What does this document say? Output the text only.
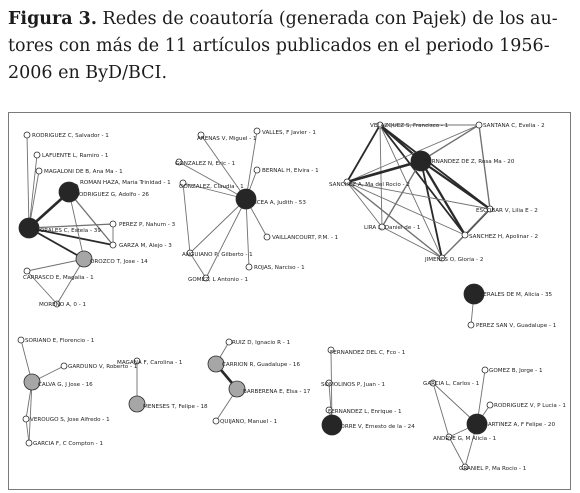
Figura 3. Redes de coautoría (generada con Pajek) de los au-
tores con más de 11 artículos publicados en el periodo 1956-
2006 en ByD/BCI.
RODRIGUEZ C, Salvador - 1
LAFUENTE L, Ramiro - 1
MAGALONI DE B, Ana Ma - 1
ROMAN HAZA, Maria Trinidad - 1
RODRIGUEZ G, Adolfo - 26
MORALES C, Estela - 39
PEREZ P, Nahum - 3
GARZA M, Alejo - 3
OROZCO T, Jose - 14
CARRASCO E, Magalia - 1
MORENO A, 0 - 1
ARENAS V, Miguel - 1
VALLES, F Javier - 1
GONZALEZ N, Eric - 1
BERNAL H, Elvira - 1
GONZALEZ, Claudia - 1
LICEA A, Judith - 53
VAILLANCOURT, P.M. - 1
ANGUIANO P, Gilberto - 1
ROJAS, Narciso - 1
GOMEZ, L Antonio - 1
VELAZQUEZ S, Francisco - 1	SANTANA C, Evelia - 2
FERNANDEZ DE Z, Rosa Ma - 20
SANCHEZ A, Ma del Rocio - 2
ESCOBAR V, Lilia E - 2
LIRA L, Daniel de - 1
SANCHEZ H, Apolinar - 2
JIMENES O, Gloria - 2
PERALES DE M, Alicia - 35
PEREZ SAN V, Guadalupe - 1
SORIANO E, Florencio - 1
GARDUNO V, Roberto - 1
CALVA G, J Jose - 16
VEROUGO S, Jose Alfredo - 1
GARCIA F, C Compton - 1
MAGANA F, Carolina - 1
MENESES T, Felipe - 18
RUIZ D, Ignacio R - 1
CARRION R, Guadalupe - 16
BARBERENA E, Elsa - 17
QUIJANO, Manuel - 1
FERNANDEZ DEL C, Fco - 1
SOMOLINOS P, Juan - 1
FERNANDEZ L, Enrique - 1
TORRE V, Ernesto de la - 24
GOMEZ B, Jorge - 1
GARCIA L, Carlos - 1
RODRIGUEZ V, P Lucia - 1
MARTINEZ A, F Felipe - 20
ANDRYE G, M Alicia - 1
GRANIEL P, Ma Rocio - 1
